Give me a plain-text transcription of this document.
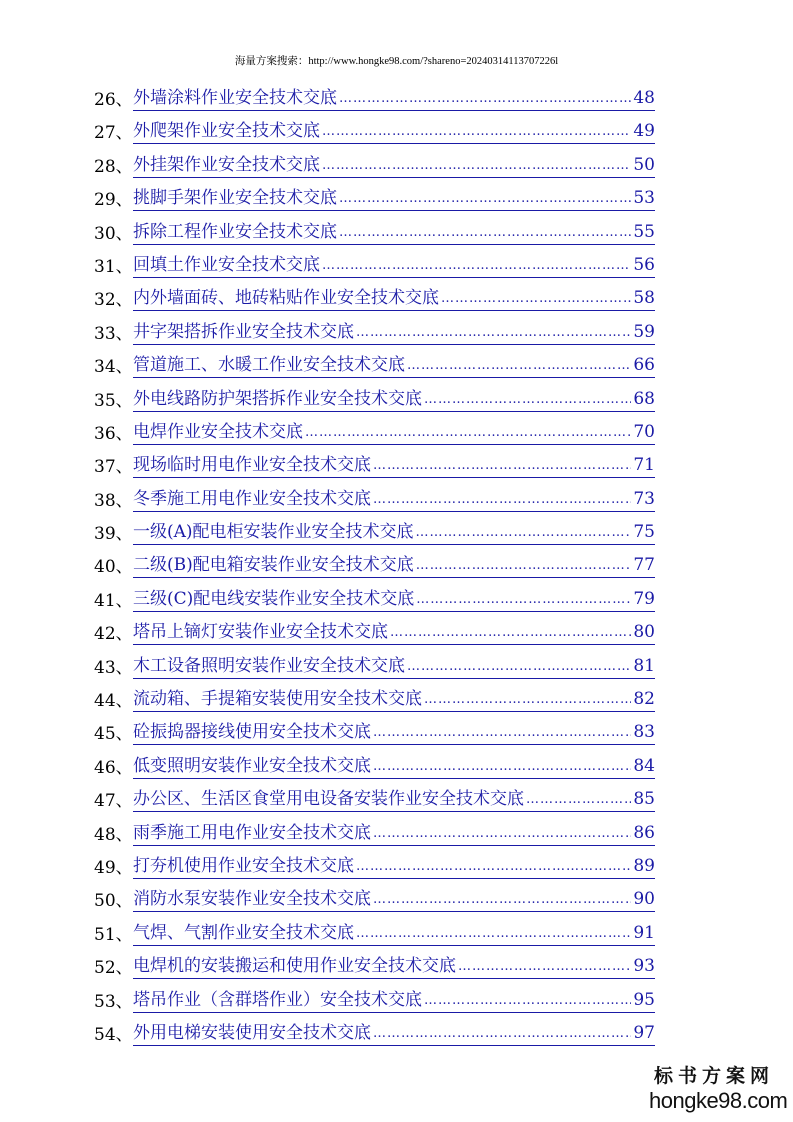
海量方案搜索：http://www.hongke98.com/?shareno=20240314113707226l
26、 外墙涂料作业安全技术交底 ………………………………………………………………………………………………………………………………………………	48
27、 外爬架作业安全技术交底 ………………………………………………………………………………………………………………………………………………	49
28、 外挂架作业安全技术交底 ………………………………………………………………………………………………………………………………………………	50
29、 挑脚手架作业安全技术交底 ………………………………………………………………………………………………………………………………………………	53
30、 拆除工程作业安全技术交底 ………………………………………………………………………………………………………………………………………………	55
31、 回填土作业安全技术交底 ………………………………………………………………………………………………………………………………………………	56
32、 内外墙面砖、地砖粘贴作业安全技术交底 ………………………………………………………………………………………………………………………………………………	58
33、 井字架搭拆作业安全技术交底 ………………………………………………………………………………………………………………………………………………	59
34、 管道施工、水暖工作业安全技术交底 ………………………………………………………………………………………………………………………………………………	66
35、 外电线路防护架搭拆作业安全技术交底 ………………………………………………………………………………………………………………………………………………	68
36、 电焊作业安全技术交底 ………………………………………………………………………………………………………………………………………………	70
37、 现场临时用电作业安全技术交底 ………………………………………………………………………………………………………………………………………………	71
38、 冬季施工用电作业安全技术交底 ………………………………………………………………………………………………………………………………………………	73
39、 一级(A)配电柜安装作业安全技术交底 ………………………………………………………………………………………………………………………………………………	75
40、 二级(B)配电箱安装作业安全技术交底 ………………………………………………………………………………………………………………………………………………	77
41、 三级(C)配电线安装作业安全技术交底 ………………………………………………………………………………………………………………………………………………	79
42、 塔吊上镝灯安装作业安全技术交底 ………………………………………………………………………………………………………………………………………………	80
43、 木工设备照明安装作业安全技术交底 ………………………………………………………………………………………………………………………………………………	81
44、 流动箱、手提箱安装使用安全技术交底 ………………………………………………………………………………………………………………………………………………	82
45、 砼振捣器接线使用安全技术交底 ………………………………………………………………………………………………………………………………………………	83
46、 低变照明安装作业安全技术交底 ………………………………………………………………………………………………………………………………………………	84
47、 办公区、生活区食堂用电设备安装作业安全技术交底 ………………………………………………………………………………………………………………………………………………	85
48、 雨季施工用电作业安全技术交底 ………………………………………………………………………………………………………………………………………………	86
49、 打夯机使用作业安全技术交底 ………………………………………………………………………………………………………………………………………………	89
50、 消防水泵安装作业安全技术交底 ………………………………………………………………………………………………………………………………………………	90
51、 气焊、气割作业安全技术交底 ………………………………………………………………………………………………………………………………………………	91
52、 电焊机的安装搬运和使用作业安全技术交底 ………………………………………………………………………………………………………………………………………………	93
53、 塔吊作业（含群塔作业）安全技术交底 ………………………………………………………………………………………………………………………………………………	95
54、 外用电梯安装使用安全技术交底 ………………………………………………………………………………………………………………………………………………	97
标书方案网
hongke98.com
